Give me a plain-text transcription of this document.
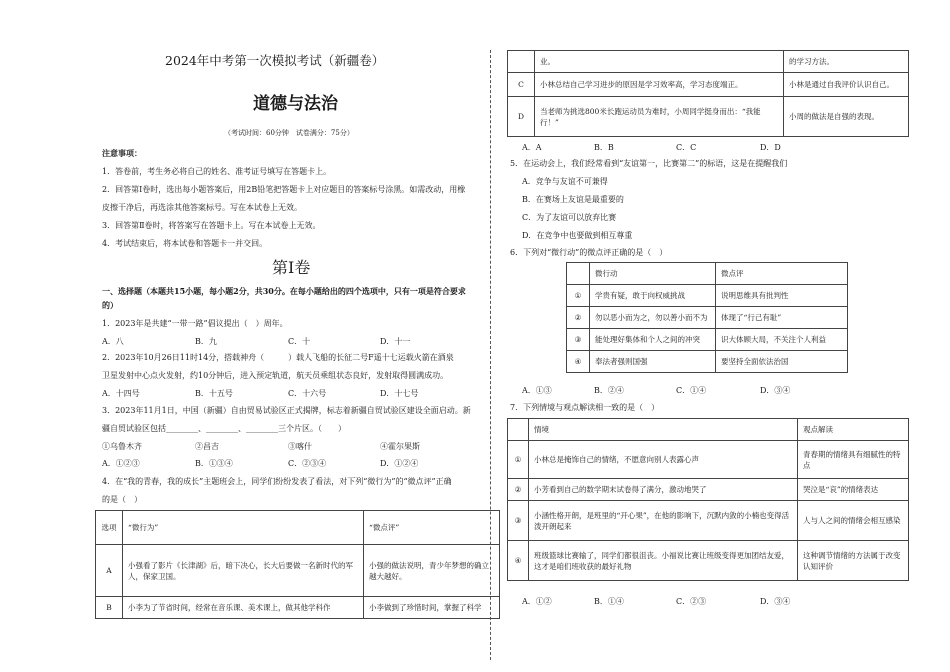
2024年中考第一次模拟考试（新疆卷）
道德与法治
（考试时间：60分钟　试卷满分：75分）
注意事项：
1．答卷前，考生务必将自己的姓名、准考证号填写在答题卡上。
2．回答第Ⅰ卷时，选出每小题答案后，用2B铅笔把答题卡上对应题目的答案标号涂黑。如需改动，用橡
皮擦干净后，再选涂其他答案标号。写在本试卷上无效。
3．回答第Ⅱ卷时，将答案写在答题卡上。写在本试卷上无效。
4．考试结束后，将本试卷和答题卡一并交回。
第Ⅰ卷
一、选择题（本题共15小题，每小题2分，共30分。在每小题给出的四个选项中，只有一项是符合要求
的）
1．2023年是共建“一带一路”倡议提出（　）周年。
A．八	B．九	C．十	D．十一
2．2023年10月26日11时14分，搭载神舟（　　　）载人飞船的长征二号F遥十七运载火箭在酒泉
卫星发射中心点火发射，约10分钟后，进入预定轨道，航天员乘组状态良好，发射取得圆满成功。
A．十四号	B．十五号	C．十六号	D．十七号
3．2023年11月1日，中国（新疆）自由贸易试验区正式揭牌，标志着新疆自贸试验区建设全面启动。新
疆自贸试验区包括________、________、________三个片区。（　　）
①乌鲁木齐	②昌吉	③喀什	④霍尔果斯
A．①②③	B．①③④	C．②③④	D．①②④
4．在“我的青春，我的成长”主题班会上，同学们纷纷发表了看法，对下列“微行为”的“微点评”正确
的是（　）
选项	“微行为”	“微点评”
A	小强看了影片《长津湖》后，暗下决心，长大后要做一名新时代的军人，保家卫国。	小强的做法说明，青少年梦想的确立越大越好。
B	小李为了节省时间，经常在音乐课、美术课上，做其他学科作	小李做到了珍惜时间，掌握了科学
	业。	的学习方法。
C	小林总结自己学习进步的原因是学习效率高，学习态度端正。	小林是通过自我评价认识自己。
D	当老师为挑选800米长跑运动员为难时，小周同学挺身而出：“我能行！”	小周的做法是自强的表现。
A．A	B．B	C．C	D．D
5．在运动会上，我们经常看到“友谊第一，比赛第二”的标语，这是在提醒我们
A．竞争与友谊不可兼得
B．在赛场上友谊是最重要的
C．为了友谊可以放弃比赛
D．在竞争中也要做到相互尊重
6．下列对“微行动”的微点评正确的是（　）
	微行动	微点评
①	学贵有疑，敢于向权威挑战	说明思维具有批判性
②	勿以恶小而为之，勿以善小而不为	体现了“行己有耻”
③	能处理好集体和个人之间的冲突	识大体顾大局，不关注个人利益
④	奉法者强则国强	要坚持全面依法治国
A．①③	B．②④	C．①④	D．③④
7．下列情境与观点解读相一致的是（　）
	情境	观点解读
①	小林总是掩饰自己的情绪，不愿意向别人表露心声	青春期的情绪具有细腻性的特点
②	小芳看到自己的数学期末试卷得了满分，激动地哭了	哭泣是“哀”的情绪表达
③	小涵性格开朗，是班里的“开心果”，在他的影响下，沉默内敛的小楠也变得活泼开朗起来	人与人之间的情绪会相互感染
④	班级篮球比赛输了，同学们都很沮丧。小福说比赛让班级变得更加团结友爱，这才是咱们班收获的最好礼物	这种调节情绪的方法属于改变认知评价
A．①②	B．①④	C．②③	D．③④
